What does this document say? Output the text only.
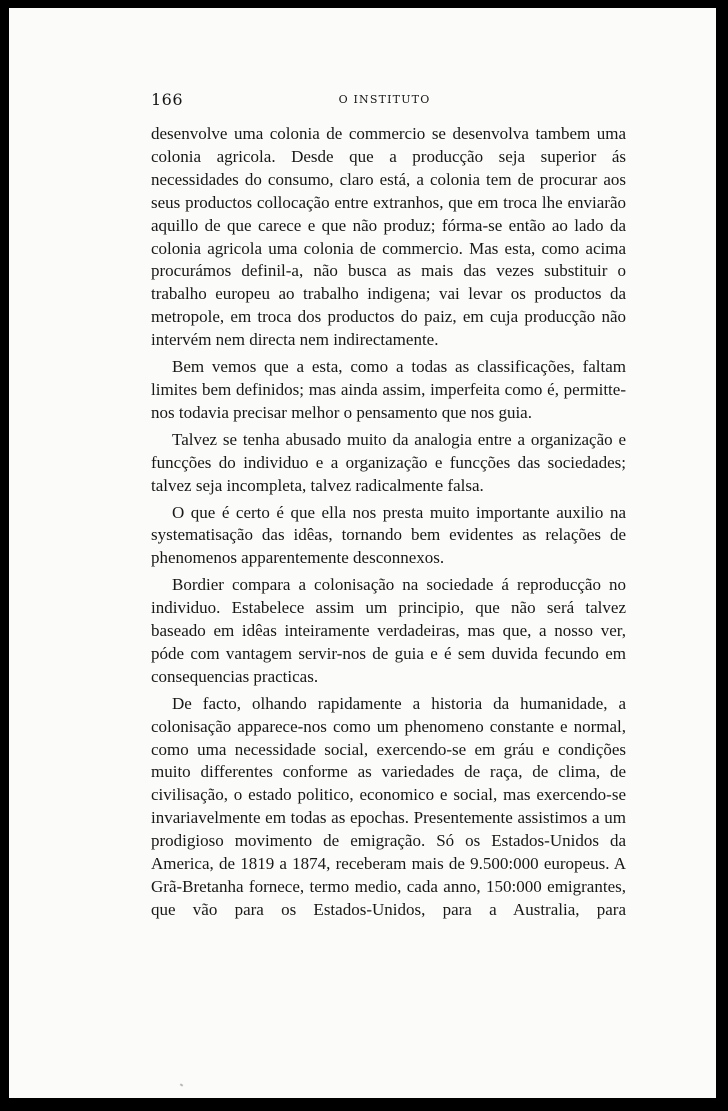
166	O INSTITUTO

desenvolve uma colonia de commercio se desenvolva tambem uma colonia agricola. Desde que a producção seja superior ás necessidades do consumo, claro está, a colonia tem de procurar aos seus productos collocação entre extranhos, que em troca lhe enviarão aquillo de que carece e que não produz; fórma-se então ao lado da colonia agricola uma colonia de commercio. Mas esta, como acima procurámos definil-a, não busca as mais das vezes substituir o trabalho europeu ao trabalho indigena; vai levar os productos da metropole, em troca dos productos do paiz, em cuja producção não intervém nem directa nem indirectamente.

Bem vemos que a esta, como a todas as classificações, faltam limites bem definidos; mas ainda assim, imperfeita como é, permitte-nos todavia precisar melhor o pensamento que nos guia.

Talvez se tenha abusado muito da analogia entre a organização e funcções do individuo e a organização e funcções das sociedades; talvez seja incompleta, talvez radicalmente falsa.

O que é certo é que ella nos presta muito importante auxilio na systematisação das idêas, tornando bem evidentes as relações de phenomenos apparentemente desconnexos.

Bordier compara a colonisação na sociedade á reproducção no individuo. Estabelece assim um principio, que não será talvez baseado em idêas inteiramente verdadeiras, mas que, a nosso ver, póde com vantagem servir-nos de guia e é sem duvida fecundo em consequencias practicas.

De facto, olhando rapidamente a historia da humanidade, a colonisação apparece-nos como um phenomeno constante e normal, como uma necessidade social, exercendo-se em gráu e condições muito differentes conforme as variedades de raça, de clima, de civilisação, o estado politico, economico e social, mas exercendo-se invariavelmente em todas as epochas. Presentemente assistimos a um prodigioso movimento de emigração. Só os Estados-Unidos da America, de 1819 a 1874, receberam mais de 9.500:000 europeus. A Grã-Bretanha fornece, termo medio, cada anno, 150:000 emigrantes, que vão para os Estados-Unidos, para a Australia, para
